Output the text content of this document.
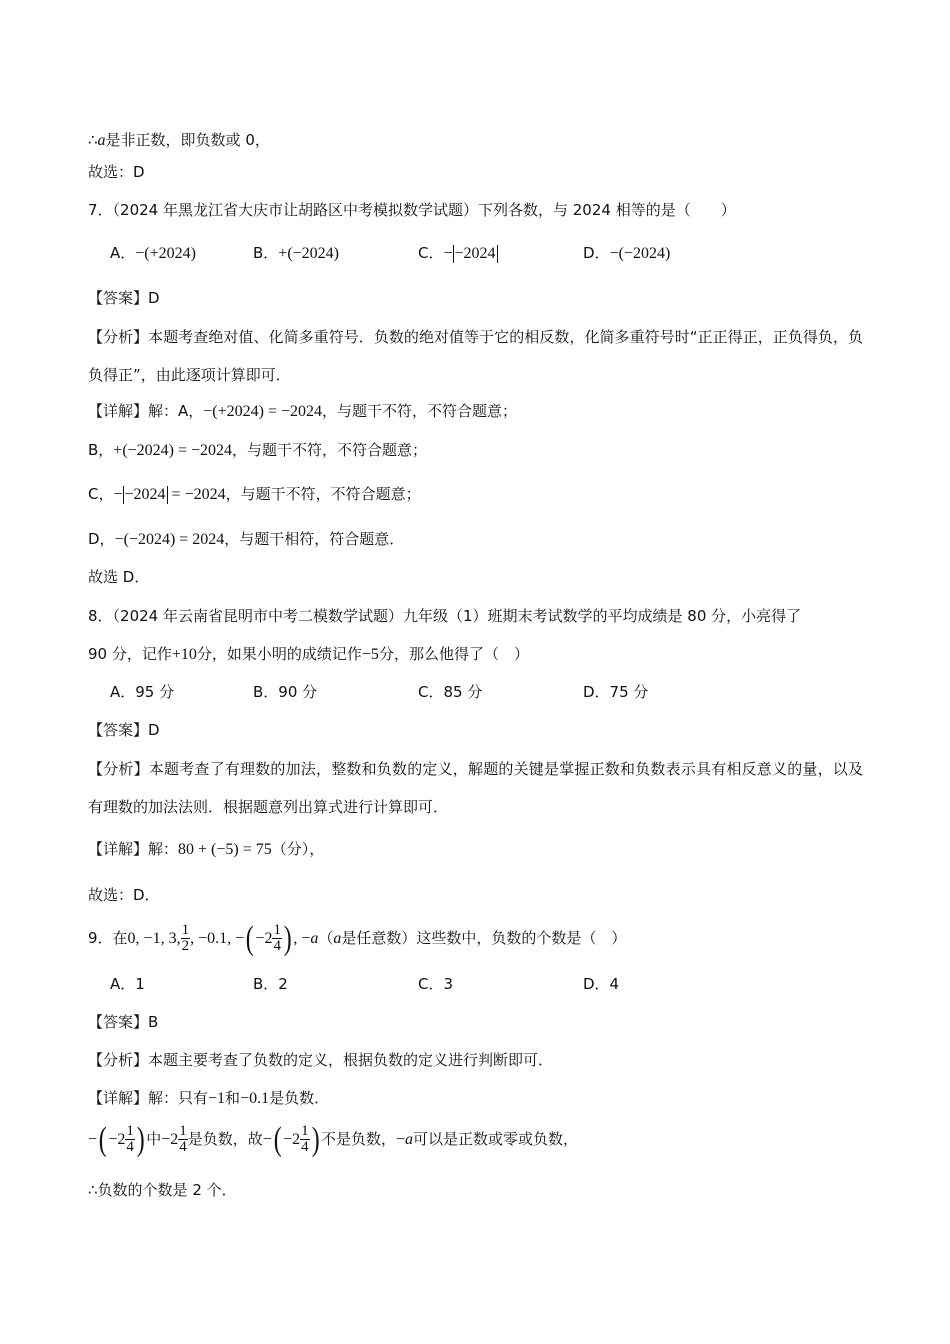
∴a是非正数，即负数或 0，
故选：D
7．（2024 年黑龙江省大庆市让胡路区中考模拟数学试题）下列各数，与 2024 相等的是（　　）
A．−(+2024)	B．+(−2024)	C．− −2024	D．−(−2024)
【答案】D
【分析】本题考查绝对值、化简多重符号．负数的绝对值等于它的相反数，化简多重符号时“正正得正，正负得负，负负得正”，由此逐项计算即可．
【详解】解：A，−(+2024) = −2024，与题干不符，不符合题意；
B，+(−2024) = −2024，与题干不符，不符合题意；
C，− −2024 = −2024，与题干不符，不符合题意；
D，−(−2024) = 2024，与题干相符，符合题意．
故选 D．
8．（2024 年云南省昆明市中考二模数学试题）九年级（1）班期末考试数学的平均成绩是 80 分，小亮得了
90 分，记作+10分，如果小明的成绩记作−5分，那么他得了（　）
A．95 分	B．90 分	C．85 分	D．75 分
【答案】D
【分析】本题考查了有理数的加法，整数和负数的定义，解题的关键是掌握正数和负数表示具有相反意义的量，以及有理数的加法法则．根据题意列出算式进行计算即可．
【详解】解：80 + (−5) = 75（分），
故选：D．
9．在0, −1, 3, $\frac{1}{2}$ , −0.1, −( $-2 \frac{1}{4}$ ) , −a（a是任意数）这些数中，负数的个数是（　）
A．1	B．2	C．3	D．4
【答案】B
【分析】本题主要考查了负数的定义，根据负数的定义进行判断即可．
【详解】解：只有−1和−0.1是负数．
−( $-2 \frac{1}{4}$ ) 中$-2 \frac{1}{4}$ 是负数，故−( $-2 \frac{1}{4}$ ) 不是负数，−a可以是正数或零或负数，
∴负数的个数是 2 个．
